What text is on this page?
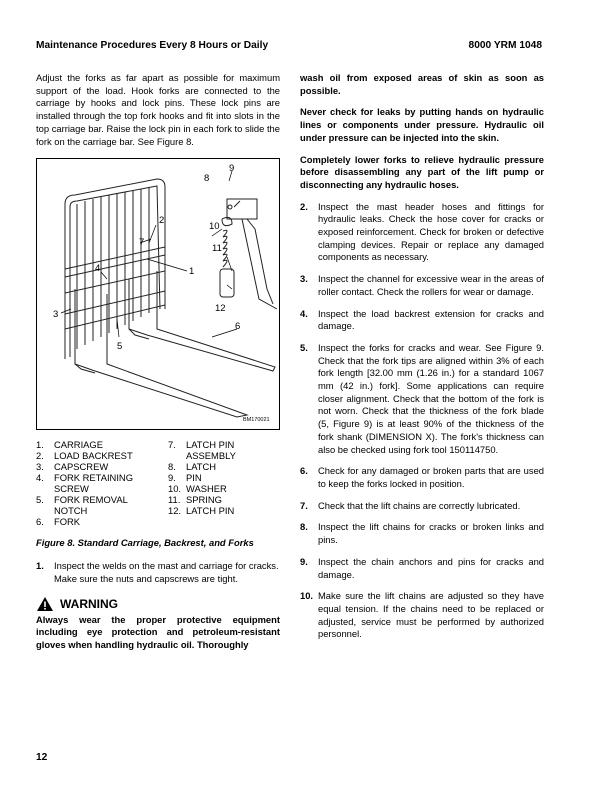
Maintenance Procedures Every 8 Hours or Daily	8000 YRM 1048

Adjust the forks as far apart as possible for maximum support of the load. Hook forks are connected to the carriage by hooks and lock pins. These lock pins are installed through the top fork hooks and fit into slots in the top carriage bar. Raise the lock pin in each fork to slide the fork on the carriage bar. See Figure 8.

2
7
1
4
3
5
6
9
8
10
11
12
BM170021
1. CARRIAGE
2. LOAD BACKREST
3. CAPSCREW
4. FORK RETAINING
SCREW
5. FORK REMOVAL
NOTCH
6. FORK
7. LATCH PIN
ASSEMBLY
8. LATCH
9. PIN
10. WASHER
11. SPRING
12. LATCH PIN
Figure 8. Standard Carriage, Backrest, and Forks
1. Inspect the welds on the mast and carriage for cracks. Make sure the nuts and capscrews are tight.
WARNING
Always wear the proper protective equipment including eye protection and petroleum-resistant gloves when handling hydraulic oil. Thoroughly

wash oil from exposed areas of skin as soon as possible.

Never check for leaks by putting hands on hydraulic lines or components under pressure. Hydraulic oil under pressure can be injected into the skin.

Completely lower forks to relieve hydraulic pressure before disassembling any part of the lift pump or disconnecting any hydraulic hoses.

2. Inspect the mast header hoses and fittings for hydraulic leaks. Check the hose cover for cracks or exposed reinforcement. Check for broken or defective clamping devices. Repair or replace any damaged components as necessary.
3. Inspect the channel for excessive wear in the areas of roller contact. Check the rollers for wear or damage.
4. Inspect the load backrest extension for cracks and damage.
5. Inspect the forks for cracks and wear. See Figure 9. Check that the fork tips are aligned within 3% of each fork length [32.00 mm (1.26 in.) for a standard 1067 mm (42 in.) fork]. Some applications can require closer alignment. Check that the bottom of the fork is not worn. Check that the thickness of the fork blade (5, Figure 9) is at least 90% of the thickness of the fork shank (DIMENSION X). The fork's thickness can also be checked using fork tool 150114750.
6. Check for any damaged or broken parts that are used to keep the forks locked in position.
7. Check that the lift chains are correctly lubricated.
8. Inspect the lift chains for cracks or broken links and pins.
9. Inspect the chain anchors and pins for cracks and damage.
10. Make sure the lift chains are adjusted so they have equal tension. If the chains need to be replaced or adjusted, service must be performed by authorized personnel.
12
